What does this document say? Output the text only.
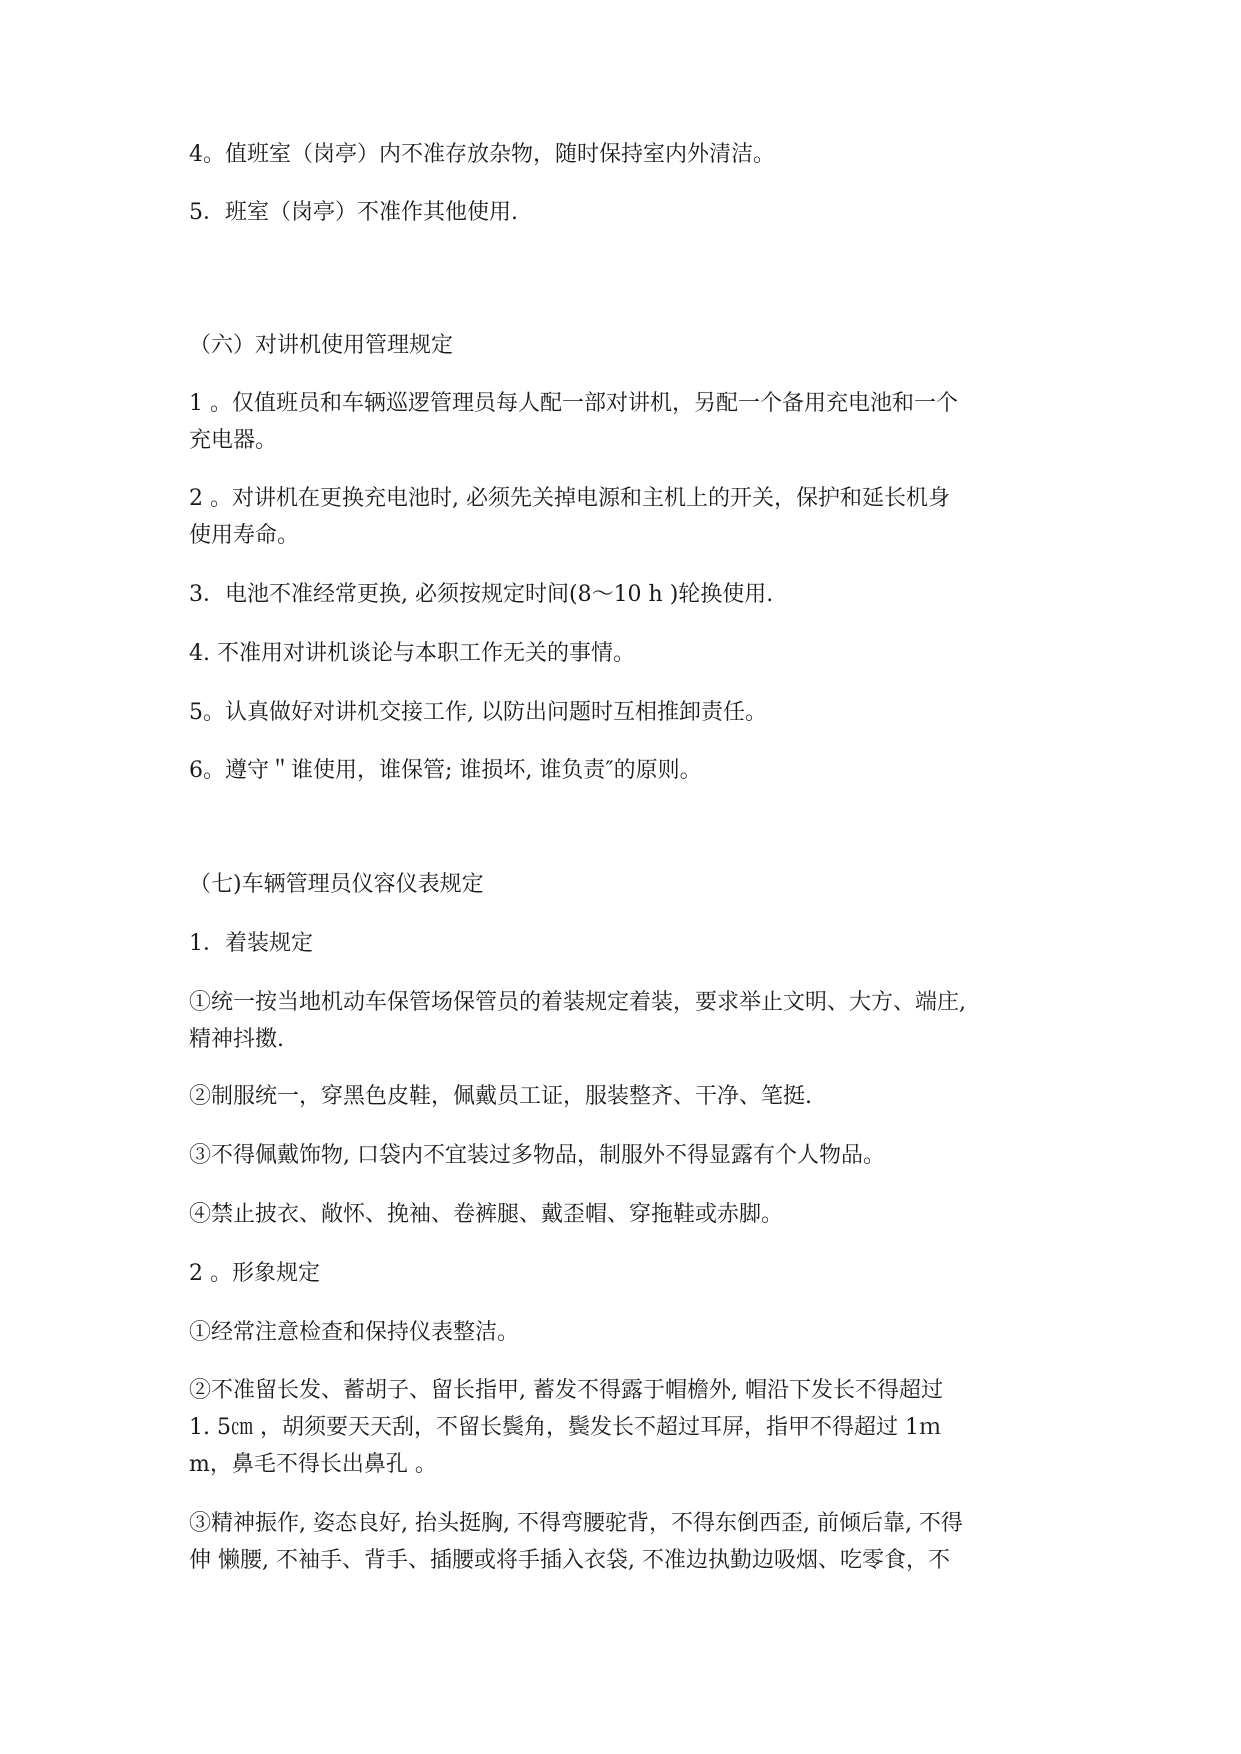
4。值班室（岗亭）内不准存放杂物，随时保持室内外清洁。

5．班室（岗亭）不准作其他使用.

（六）对讲机使用管理规定

1 。仅值班员和车辆巡逻管理员每人配一部对讲机，另配一个备用充电池和一个
充电器。

2 。对讲机在更换充电池时, 必须先关掉电源和主机上的开关，保护和延长机身
使用寿命。

3．电池不准经常更换, 必须按规定时间(8～10 h )轮换使用.

4. 不准用对讲机谈论与本职工作无关的事情。

5。认真做好对讲机交接工作, 以防出问题时互相推卸责任。

6。遵守＂谁使用，谁保管; 谁损坏, 谁负责″的原则。

（七)车辆管理员仪容仪表规定

1．着装规定

①统一按当地机动车保管场保管员的着装规定着装，要求举止文明、大方、端庄,
精神抖擞.

②制服统一，穿黑色皮鞋，佩戴员工证，服装整齐、干净、笔挺.

③不得佩戴饰物, 口袋内不宜装过多物品，制服外不得显露有个人物品。

④禁止披衣、敞怀、挽袖、卷裤腿、戴歪帽、穿拖鞋或赤脚。

2 。形象规定

①经常注意检查和保持仪表整洁。

②不准留长发、蓄胡子、留长指甲, 蓄发不得露于帽檐外, 帽沿下发长不得超过
1. 5㎝ ，胡须要天天刮，不留长鬓角，鬓发长不超过耳屏，指甲不得超过 1ｍ
m，鼻毛不得长出鼻孔 。

③精神振作, 姿态良好, 抬头挺胸, 不得弯腰驼背，不得东倒西歪, 前倾后靠, 不得
伸 懒腰, 不袖手、背手、插腰或将手插入衣袋, 不准边执勤边吸烟、吃零食，不
